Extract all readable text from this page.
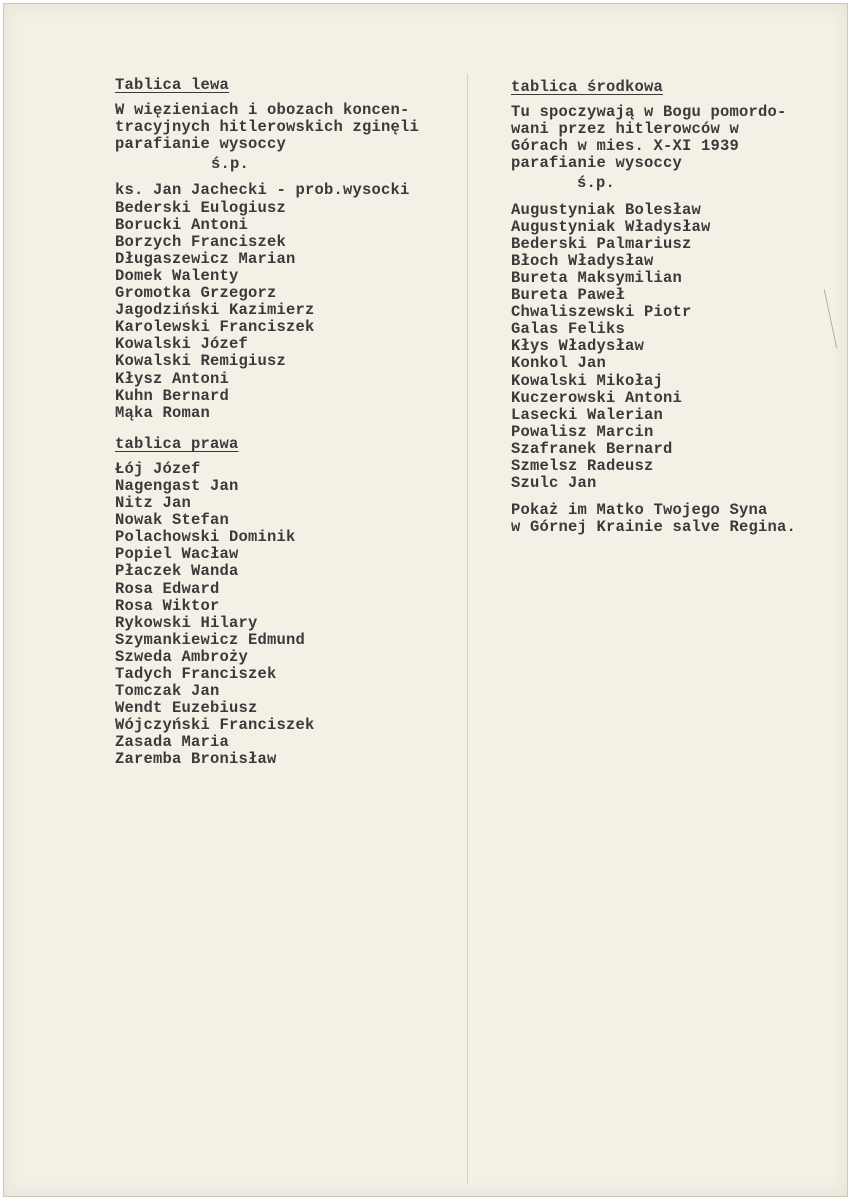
Tablica lewa
W więzieniach i obozach koncen-
tracyjnych hitlerowskich zginęli
parafianie wysoccy
ś.p.
ks. Jan Jachecki - prob.wysocki
Bederski Eulogiusz
Borucki Antoni
Borzych Franciszek
Długaszewicz Marian
Domek Walenty
Gromotka Grzegorz
Jagodziński Kazimierz
Karolewski Franciszek
Kowalski Józef
Kowalski Remigiusz
Kłysz Antoni
Kuhn Bernard
Mąka Roman
tablica prawa
Łój Józef
Nagengast Jan
Nitz Jan
Nowak Stefan
Polachowski Dominik
Popiel Wacław
Płaczek Wanda
Rosa Edward
Rosa Wiktor
Rykowski Hilary
Szymankiewicz Edmund
Szweda Ambroży
Tadych Franciszek
Tomczak Jan
Wendt Euzebiusz
Wójczyński Franciszek
Zasada Maria
Zaremba Bronisław
tablica środkowa
Tu spoczywają w Bogu pomordo-
wani przez hitlerowców w
Górach w mies. X-XI 1939
parafianie wysoccy
ś.p.
Augustyniak Bolesław
Augustyniak Władysław
Bederski Palmariusz
Błoch Władysław
Bureta Maksymilian
Bureta Paweł
Chwaliszewski Piotr
Galas Feliks
Kłys Władysław
Konkol Jan
Kowalski Mikołaj
Kuczerowski Antoni
Lasecki Walerian
Powalisz Marcin
Szafranek Bernard
Szmelsz Radeusz
Szulc Jan
Pokaż im Matko Twojego Syna
w Górnej Krainie salve Regina.
